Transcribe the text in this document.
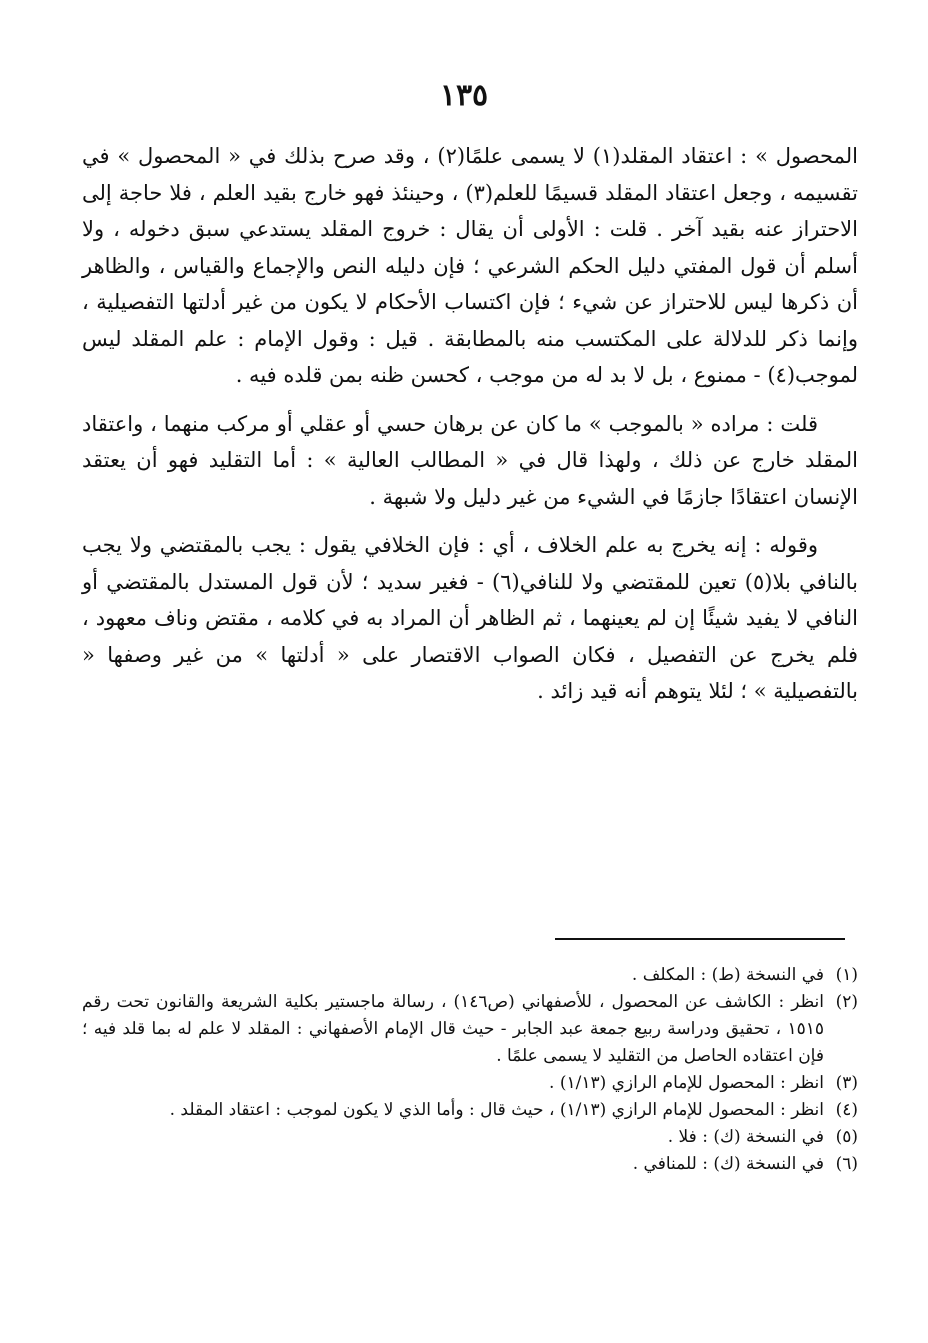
١٣٥

المحصول » : اعتقاد المقلد(١) لا يسمى علمًا(٢) ، وقد صرح بذلك في « المحصول » في تقسيمه ، وجعل اعتقاد المقلد قسيمًا للعلم(٣) ، وحينئذ فهو خارج بقيد العلم ، فلا حاجة إلى الاحتراز عنه بقيد آخر . قلت : الأولى أن يقال : خروج المقلد يستدعي سبق دخوله ، ولا أسلم أن قول المفتي دليل الحكم الشرعي ؛ فإن دليله النص والإجماع والقياس ، والظاهر أن ذكرها ليس للاحتراز عن شيء ؛ فإن اكتساب الأحكام لا يكون من غير أدلتها التفصيلية ، وإنما ذكر للدلالة على المكتسب منه بالمطابقة . قيل : وقول الإمام : علم المقلد ليس لموجب(٤) - ممنوع ، بل لا بد له من موجب ، كحسن ظنه بمن قلده فيه .

قلت : مراده « بالموجب » ما كان عن برهان حسي أو عقلي أو مركب منهما ، واعتقاد المقلد خارج عن ذلك ، ولهذا قال في « المطالب العالية » : أما التقليد فهو أن يعتقد الإنسان اعتقادًا جازمًا في الشيء من غير دليل ولا شبهة .

وقوله : إنه يخرج به علم الخلاف ، أي : فإن الخلافي يقول : يجب بالمقتضي ولا يجب بالنافي بلا(٥) تعين للمقتضي ولا للنافي(٦) - فغير سديد ؛ لأن قول المستدل بالمقتضي أو النافي لا يفيد شيئًا إن لم يعينهما ، ثم الظاهر أن المراد به في كلامه ، مقتض وناف معهود ، فلم يخرج عن التفصيل ، فكان الصواب الاقتصار على « أدلتها » من غير وصفها « بالتفصيلية » ؛ لئلا يتوهم أنه قيد زائد .

(١)
في النسخة (ط) : المكلف .
(٢)
انظر : الكاشف عن المحصول ، للأصفهاني (ص١٤٦) ، رسالة ماجستير بكلية الشريعة والقانون تحت رقم ١٥١٥ ، تحقيق ودراسة ربيع جمعة عبد الجابر - حيث قال الإمام الأصفهاني : المقلد لا علم له بما قلد فيه ؛ فإن اعتقاده الحاصل من التقليد لا يسمى علمًا .
(٣)
انظر : المحصول للإمام الرازي (١/١٣) .
(٤)
انظر : المحصول للإمام الرازي (١/١٣) ، حيث قال : وأما الذي لا يكون لموجب : اعتقاد المقلد .
(٥)
في النسخة (ك) : فلا .
(٦)
في النسخة (ك) : للمنافي .
